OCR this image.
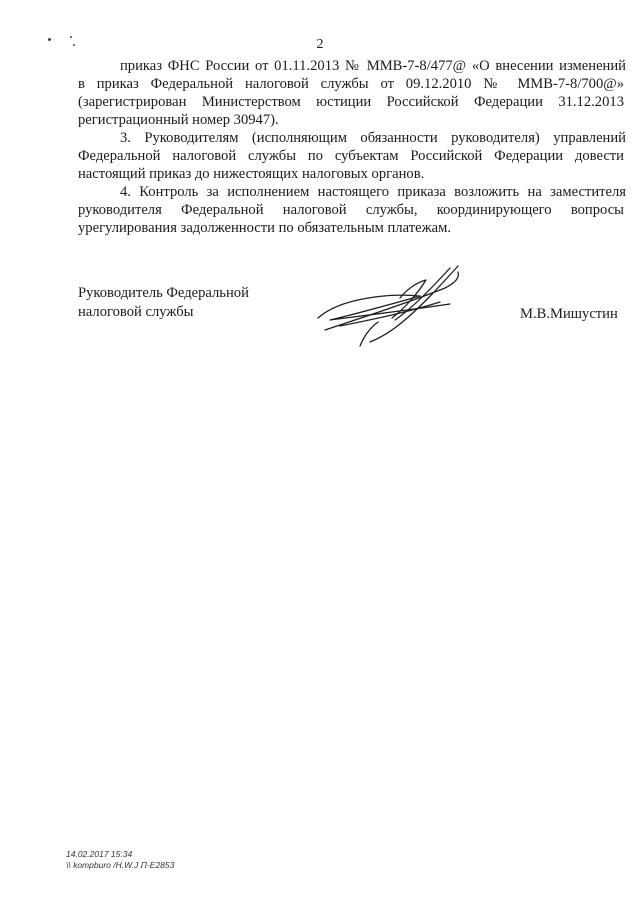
2
приказ ФНС России от 01.11.2013 № ММВ-7-8/477@ «О внесении изменений
в приказ Федеральной налоговой службы от 09.12.2010 № ММВ-7-8/700@»
(зарегистрирован Министерством юстиции Российской Федерации 31.12.2013
регистрационный номер 30947).
3. Руководителям (исполняющим обязанности руководителя) управлений
Федеральной налоговой службы по субъектам Российской Федерации довести
настоящий приказ до нижестоящих налоговых органов.
4. Контроль за исполнением настоящего приказа возложить на заместителя
руководителя Федеральной налоговой службы, координирующего вопросы
урегулирования задолженности по обязательным платежам.
Руководитель Федеральной
налоговой службы	М.В.Мишустин
14.02.2017 15:34
\\ kompburo /Н.W.J П-Е2853
